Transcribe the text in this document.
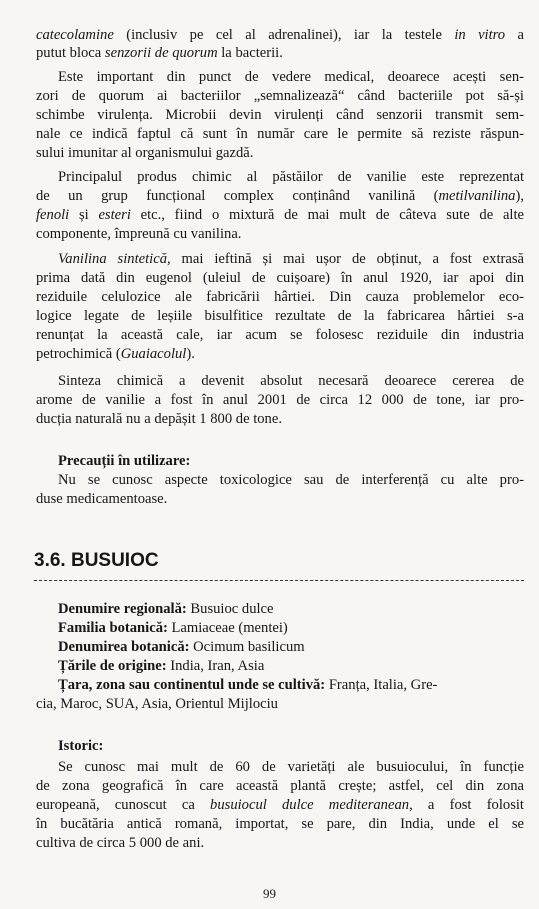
catecolamine (inclusiv pe cel al adrenalinei), iar la testele in vitro a
putut bloca senzorii de quorum la bacterii.
Este important din punct de vedere medical, deoarece acești sen-
zori de quorum ai bacteriilor „semnalizează“ când bacteriile pot să-și
schimbe virulența. Microbii devin virulenți când senzorii transmit sem-
nale ce indică faptul că sunt în număr care le permite să reziste răspun-
sului imunitar al organismului gazdă.
Principalul produs chimic al păstăilor de vanilie este reprezentat
de un grup funcțional complex conținând vanilină (metilvanilina),
fenoli și esteri etc., fiind o mixtură de mai mult de câteva sute de alte
componente, împreună cu vanilina.
Vanilina sintetică, mai ieftină și mai ușor de obținut, a fost extrasă
prima dată din eugenol (uleiul de cuișoare) în anul 1920, iar apoi din
reziduile celulozice ale fabricării hârtiei. Din cauza problemelor eco-
logice legate de leșiile bisulfitice rezultate de la fabricarea hârtiei s-a
renunțat la această cale, iar acum se folosesc reziduile din industria
petrochimică (Guaiacolul).
Sinteza chimică a devenit absolut necesară deoarece cererea de
arome de vanilie a fost în anul 2001 de circa 12 000 de tone, iar pro-
ducția naturală nu a depășit 1 800 de tone.
Precauții în utilizare:
Nu se cunosc aspecte toxicologice sau de interferență cu alte pro-
duse medicamentoase.
3.6. BUSUIOC
Denumire regională: Busuioc dulce
Familia botanică: Lamiaceae (mentei)
Denumirea botanică: Ocimum basilicum
Țările de origine: India, Iran, Asia
Țara, zona sau continentul unde se cultivă: Franța, Italia, Gre-
cia, Maroc, SUA, Asia, Orientul Mijlociu
Istoric:
Se cunosc mai mult de 60 de varietăți ale busuiocului, în funcție
de zona geografică în care această plantă crește; astfel, cel din zona
europeană, cunoscut ca busuiocul dulce mediteranean, a fost folosit
în bucătăria antică romană, importat, se pare, din India, unde el se
cultiva de circa 5 000 de ani.
99
